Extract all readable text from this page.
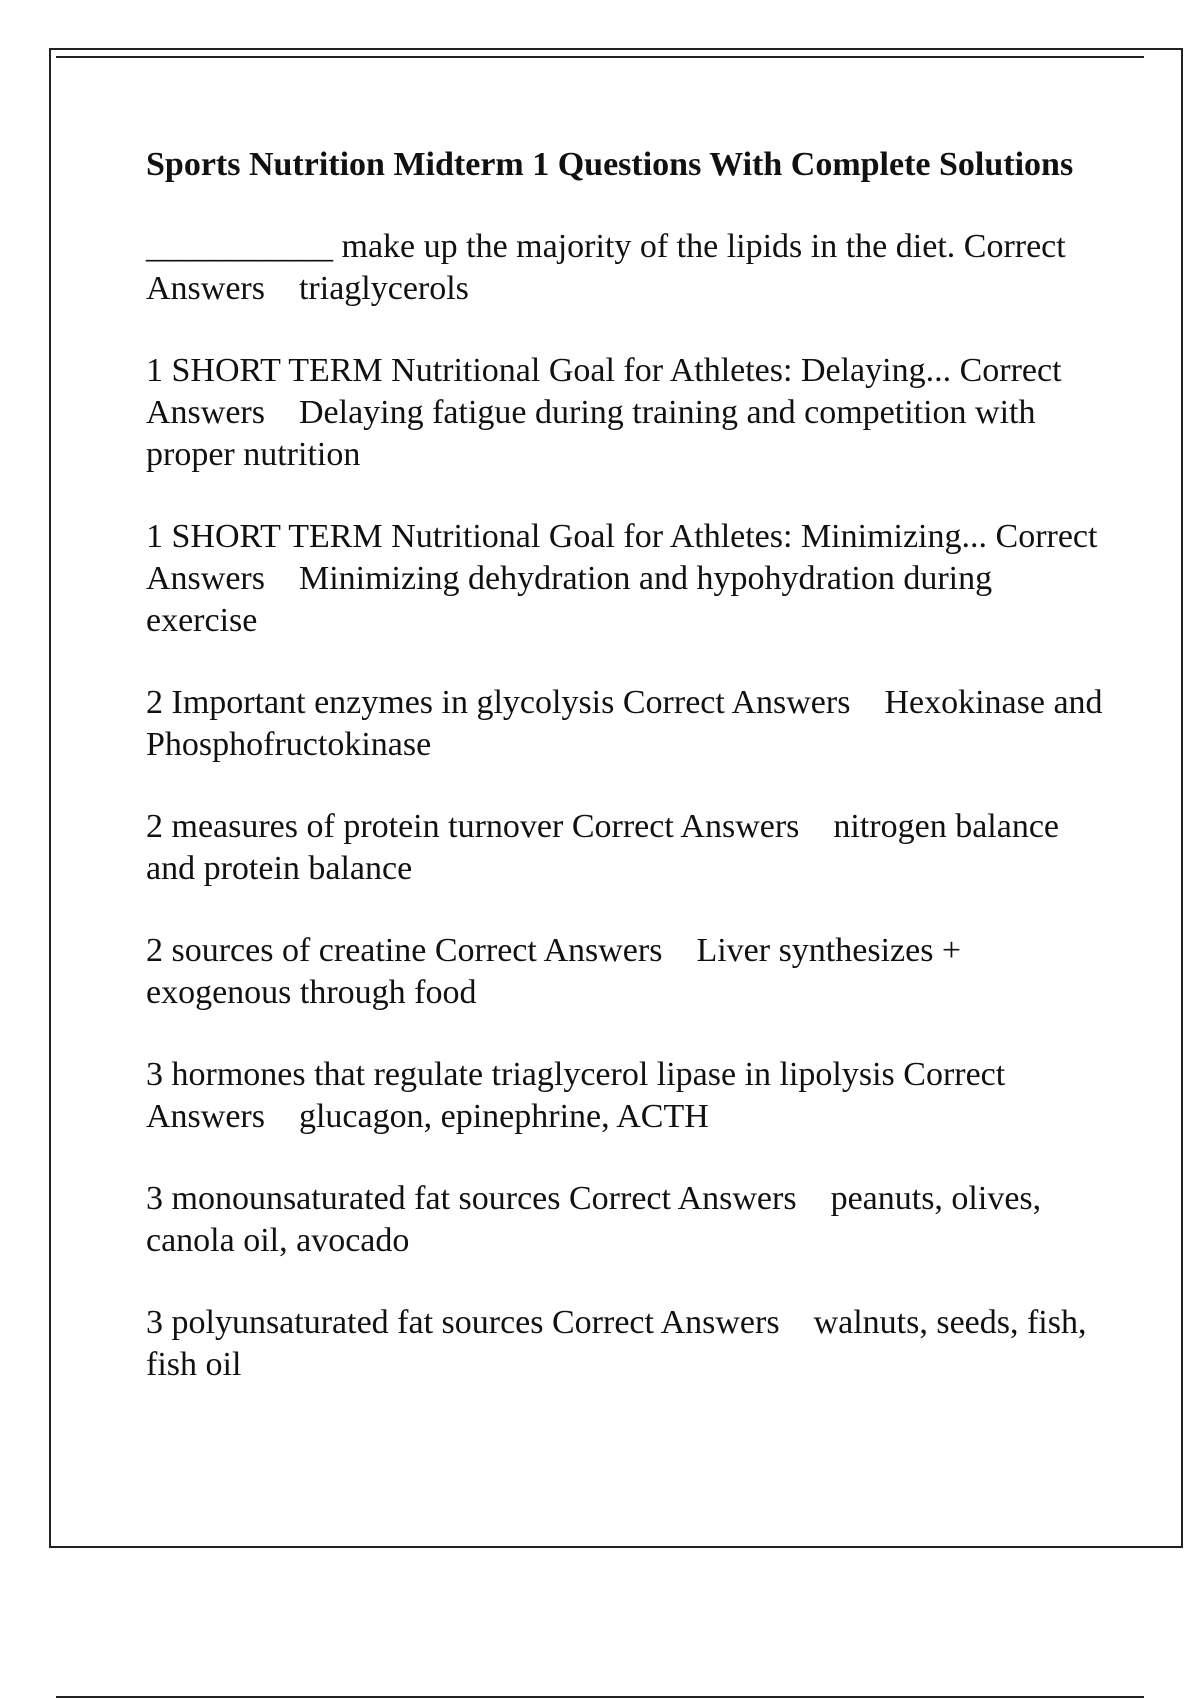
Sports Nutrition Midterm 1 Questions With Complete Solutions
___________ make up the majority of the lipids in the diet. Correct Answers triaglycerols
1 SHORT TERM Nutritional Goal for Athletes: Delaying... Correct Answers Delaying fatigue during training and competition with proper nutrition
1 SHORT TERM Nutritional Goal for Athletes: Minimizing... Correct Answers Minimizing dehydration and hypohydration during exercise
2 Important enzymes in glycolysis Correct Answers Hexokinase and Phosphofructokinase
2 measures of protein turnover Correct Answers nitrogen balance and protein balance
2 sources of creatine Correct Answers Liver synthesizes + exogenous through food
3 hormones that regulate triaglycerol lipase in lipolysis Correct Answers glucagon, epinephrine, ACTH
3 monounsaturated fat sources Correct Answers peanuts, olives, canola oil, avocado
3 polyunsaturated fat sources Correct Answers walnuts, seeds, fish, fish oil
